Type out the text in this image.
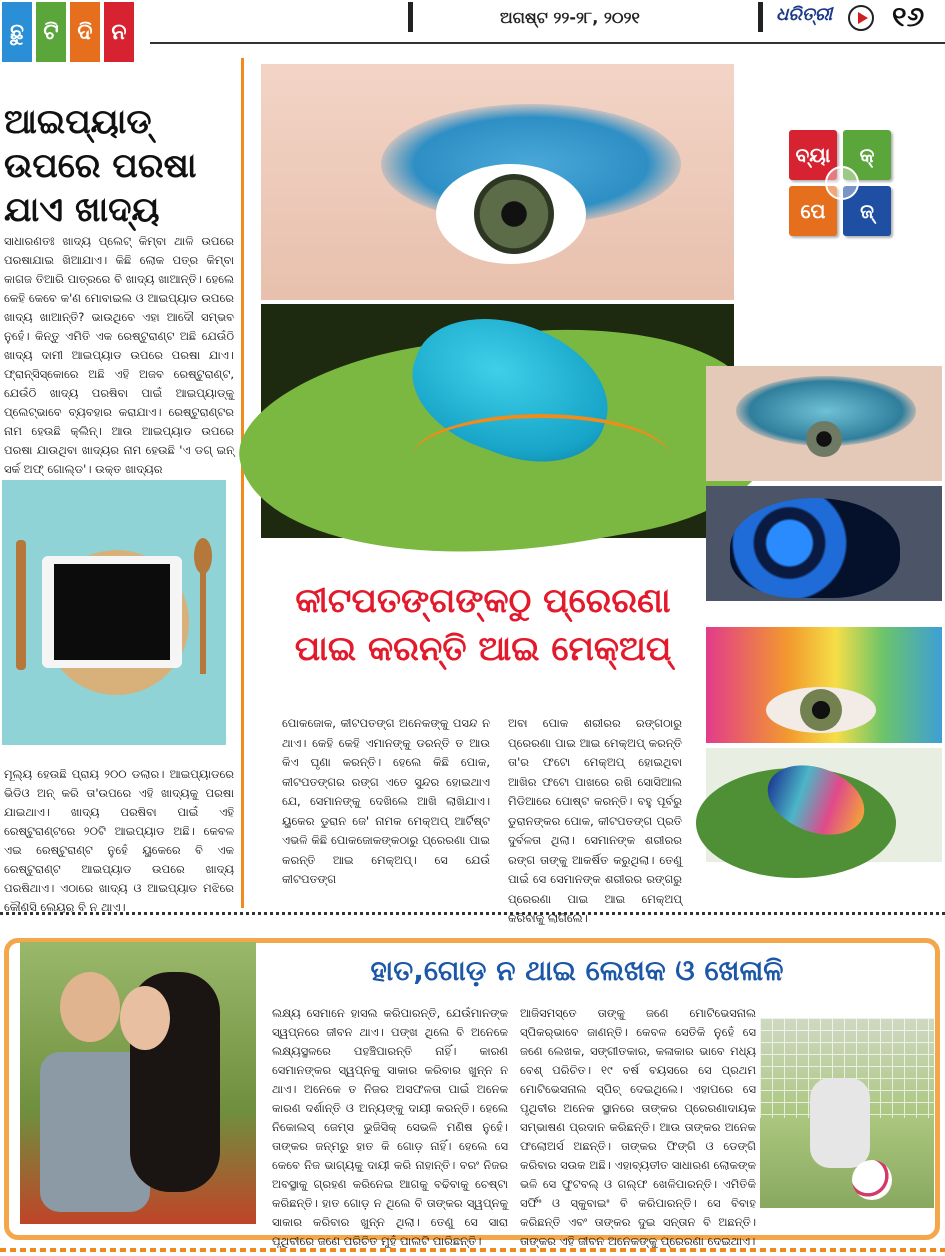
ଛୁ ଟି ଦି ନ
ଅଗଷ୍ଟ ୨୨-୨୮, ୨୦୨୧	ଧରିତ୍ରୀ ୧୬
ଆଇପ୍ୟାଡ୍ ଉପରେ ପରଷା ଯାଏ ଖାଦ୍ୟ

ସାଧାରଣତଃ ଖାଦ୍ୟ ପ୍ଲେଟ୍ କିମ୍ବା ଥାଳି ଉପରେ ପରଷାଯାଇ ଖିଆଯାଏ। କିଛି ଲୋକ ପତ୍ର କିମ୍ବା କାଗଜ ତିଆରି ପାତ୍ରରେ ବି ଖାଦ୍ୟ ଖାଆନ୍ତି। ହେଲେ କେହି କେବେ କ'ଣ ମୋବାଇଲ ଓ ଆଇପ୍ୟାଡ ଉପରେ ଖାଦ୍ୟ ଖାଆନ୍ତି? ଭାଉଥିବେ ଏହା ଆଦୌ ସମ୍ଭବ ନୁହେଁ। କିନ୍ତୁ ଏମିତି ଏକ ରେଷ୍ଟୁରାଣ୍ଟ ଅଛି ଯେଉଁଠି ଖାଦ୍ୟ ଦାମୀ ଆଇପ୍ୟାଡ ଉପରେ ପରଷା ଯାଏ। ଫ୍ରାନ୍ସିସ୍କୋରେ ଅଛି ଏହି ଅଜବ ରେଷ୍ଟୁରାଣ୍ଟ, ଯେଉଁଠି ଖାଦ୍ୟ ପରଷିବା ପାଇଁ ଆଇପ୍ୟାଡ୍‌କୁ ପ୍ଲେଟ୍‌ଭାବେ ବ୍ୟବହାର କରାଯାଏ। ରେଷ୍ଟୁରାଣ୍ଟର ନାମ ହେଉଛି କ୍ଲିନ୍। ଆଉ ଆଇପ୍ୟାଡ ଉପରେ ପରଷା ଯାଉଥିବା ଖାଦ୍ୟର ନାମ ହେଉଛି 'ଏ ଡଗ୍ ଇନ୍ ସର୍କ ଅଫ୍ ଗୋଲ୍ଡ'। ଉକ୍ତ ଖାଦ୍ୟର

ମୂଲ୍ୟ ହେଉଛି ପ୍ରାୟ ୨୦୦ ଡଲାର। ଆଇପ୍ୟାଡରେ ଭିଡିଓ ଅନ୍ କରି ତା'ଉପରେ ଏହି ଖାଦ୍ୟକୁ ପରଷା ଯାଇଥାଏ। ଖାଦ୍ୟ ପରଷିବା ପାଇଁ ଏହି ରେଷ୍ଟୁରାଣ୍ଟରେ ୨୦ଟି ଆଇପ୍ୟାଡ ଅଛି। କେବଳ ଏଇ ରେଷ୍ଟୁରାଣ୍ଟ ନୁହେଁ ୟୁକେରେ ବି ଏକ ରେଷ୍ଟୁରାଣ୍ଟ ଆଇପ୍ୟାଡ ଉପରେ ଖାଦ୍ୟ ପରଷିଥାଏ। ଏଠାରେ ଖାଦ୍ୟ ଓ ଆଇପ୍ୟାଡ ମଝିରେ କୌଣସି ଲେୟର୍ ବି ନ ଥାଏ।

ବ୍ୟା	କ୍
ପେ	ଜ୍
କୀଟପତଙ୍ଗଙ୍କଠୁ ପ୍ରେରଣା ପାଇ କରନ୍ତି ଆଇ ମେକ୍‌ଅପ୍

ପୋକଜୋକ, କୀଟପତଙ୍ଗ ଅନେକଙ୍କୁ ପସନ୍ଦ ନ ଥାଏ। କେହି କେହି ଏମାନଙ୍କୁ ଡରନ୍ତି ତ ଆଉ କିଏ ଘୃଣା କରନ୍ତି। ହେଲେ କିଛି ପୋକ, କୀଟପତଙ୍ଗର ରଙ୍ଗ ଏତେ ସୁନ୍ଦର ହୋଇଥାଏ ଯେ, ସେମାନଙ୍କୁ ଦେଖିଲେ ଆଖି ଲାଖିଯାଏ। ୟୁକେର ଡୁରାନ ଜେ' ନାମକ ମେକ୍‌ଅପ୍ ଆର୍ଟିଷ୍ଟ ଏଭଳି କିଛି ପୋକଜୋକଙ୍କଠାରୁ ପ୍ରେରଣା ପାଇ କରନ୍ତି ଆଇ ମେକ୍‌ଅପ୍। ସେ ଯେଉଁ କୀଟପତଙ୍ଗ

ଅବା ପୋକ ଶରୀରର ରଙ୍ଗଠାରୁ ପ୍ରେରଣା ପାଇ ଆଇ ମେକ୍‌ଅପ୍ କରନ୍ତି ତା'ର ଫଟୋ ମେକ୍‌ଅପ୍ ହୋଇଥିବା ଆଖିର ଫଟୋ ପାଖରେ ରଖି ସୋସିଆଲ ମିଡିଆରେ ପୋଷ୍ଟ କରନ୍ତି। ବହୁ ପୂର୍ବରୁ ଡୁରାନଙ୍କର ପୋକ, କୀଟପତଙ୍ଗ ପ୍ରତି ଦୁର୍ବଳତା ଥିଲା। ସେମାନଙ୍କ ଶରୀରର ରଙ୍ଗ ତାଙ୍କୁ ଆକର୍ଷିତ କରୁଥିଲା। ତେଣୁ ପାଇଁ ସେ ସେମାନଙ୍କ ଶରୀରର ରଙ୍ଗରୁ ପ୍ରେରଣା ପାଇ ଆଇ ମେକ୍‌ଅପ୍ କରିବାକୁ ଲାଗିଲେ।

ହାତ,ଗୋଡ଼ ନ ଥାଇ ଲେଖକ ଓ ଖେଳାଳି

ଲକ୍ଷ୍ୟ ସେମାନେ ହାସଲ କରିପାରନ୍ତି, ଯେଉଁମାନଙ୍କ ସ୍ୱପ୍ନରେ ଜୀବନ ଥାଏ। ପଙ୍ଖ ଥିଲେ ବି ଅନେକେ ଲକ୍ଷ୍ୟସ୍ଥଳରେ ପହଞ୍ଚିପାରନ୍ତି ନାହିଁ। କାରଣ ସେମାନଙ୍କର ସ୍ୱପ୍ନକୁ ସାକାର କରିବାର ଖୁନ୍ନ ନ ଥାଏ। ଅନେକେ ତ ନିଜର ଅସଫଳତା ପାଇଁ ଅନେକ କାରଣ ଦର୍ଶାନ୍ତି ଓ ଅନ୍ୟଙ୍କୁ ଦାୟୀ କରନ୍ତି। ହେଲେ ନିକୋଲସ୍ ଜେମ୍ସ ଭୁଜିସିକ୍ ସେଭଳି ମଣିଷ ନୁହେଁ। ତାଙ୍କର ଜନ୍ମରୁ ହାତ କି ଗୋଡ଼ ନାହିଁ। ହେଲେ ସେ କେବେ ନିଜ ଭାଗ୍ୟକୁ ଦାୟୀ କରି ନାହାନ୍ତି। ବରଂ ନିଜର ଅବସ୍ଥାକୁ ଗ୍ରହଣ କରିନେଇ ଆଗକୁ ବଢିବାକୁ ଚେଷ୍ଟା କରିଛନ୍ତି। ହାତ ଗୋଡ଼ ନ ଥିଲେ ବି ତାଙ୍କର ସ୍ୱପ୍ନକୁ ସାକାର କରିବାର ଖୁନ୍ନ ଥିଲା। ତେଣୁ ସେ ସାରା ପୃଥିବୀରେ ଜଣେ ପରିଚିତ ମୁହଁ ପାଲଟି ପାରିଛନ୍ତି।

ଆଜିସମସ୍ତେ ତାଙ୍କୁ ଜଣେ ମୋଟିଭେସନାଲ ସ୍ପିକର୍‌ଭାବେ ଜାଣନ୍ତି। କେବଳ ସେତିକି ନୁହେଁ ସେ ଜଣେ ଲେଖକ, ସଙ୍ଗୀତକାର, କଳାକାର ଭାବେ ମଧ୍ୟ ବେଶ୍ ପରିଚିତ। ୧୯ ବର୍ଷ ବୟସରେ ସେ ପ୍ରଥମ ମୋଟିଭେସନାଲ ସ୍ପିଚ୍ ଦେଇଥିଲେ। ଏହାପରେ ସେ ପୃଥିବୀର ଅନେକ ସ୍ଥାନରେ ତାଙ୍କର ପ୍ରେରଣାଦାୟକ ସମ୍ଭାଷଣ ପ୍ରଦାନ କରିଛନ୍ତି। ଆଉ ତାଙ୍କର ଅନେକ ଫଲୋଅର୍ସ ଅଛନ୍ତି। ତାଙ୍କର ଫିଙ୍ଗି ଓ ଡେଙ୍ଗି କରିବାର ସଉକ ଅଛି। ଏହାବ୍ୟତୀତ ସାଧାରଣ ଲୋକଙ୍କ ଭଳି ସେ ଫୁଟବଲ୍ ଓ ଗଲ୍ଫ ଖେଳିପାରନ୍ତି। ଏମିତିକି ସର୍ଫିଂ ଓ ସ୍କୁବାଇଂ ବି କରିପାରନ୍ତି। ସେ ବିବାହ କରିଛନ୍ତି ଏବଂ ତାଙ୍କର ଦୁଇ ସନ୍ତାନ ବି ଅଛନ୍ତି। ତାଙ୍କର ଏହି ଜୀବନ ଅନେକଙ୍କୁ ପ୍ରେରଣା ଦେଇଥାଏ।
